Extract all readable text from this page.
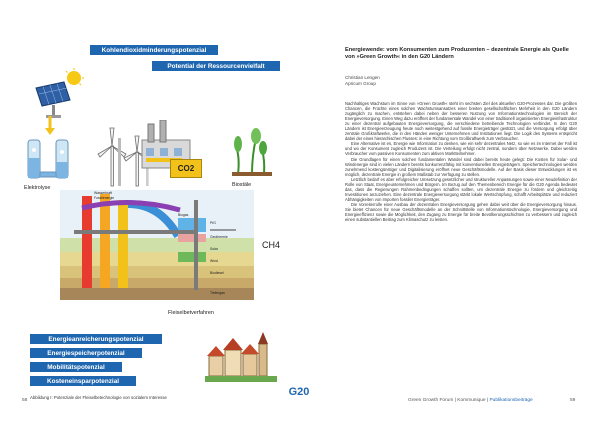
Kohlendioxidminderungspotenzial
Potential der Ressourcenvielfalt
Elektrolyse
CO2
Biostäle
Wasserkraft
Fossilenergie
Biogas
PtG
Geothermie
Solar
Wind
Biodiesel
Tiefengas
CH4
Fleiselbetverfahren
Energieanreicherungspotenzial
Energiespeicherpotenzial
Mobilitätspotenzial
Kosteneinsparpotenzial
Abbildung I: Potenziale der Fleiselbetechnologie von sozialem Interesse
Energiewende: vom Konsumenten zum Produzenten – dezentrale Energie als Quelle von »Green Growth« in den G20 Ländern
Christian Lengen
Apricum Group

Nachhaltiges Wachstum im Sinne von »Green Growth« steht im sechsten Ziel des aktuellen G20-Prozesses dar. Die größten Chancen, die Früchte eines solchen Wachstumsansatzes einer breiten gesellschaftlichen Mehrheit in den G20 Ländern zugänglich zu machen, entstehen dabei neben der besseren Nutzung von Informationstechnologien im Bereich der Energieversorgung. Einen Weg dazu eröffnet der fundamentale Wandel von einer traditionell organisierten Energieinfrastruktur zu einer dezentral aufgebauten Energieversorgung, die verschiedene betreibende Technologien verbindet. In den G20 Ländern ist Energieerzeugung heute noch weitestgehend auf fossile Energieträger gestützt, und die Versorgung erfolgt über zentrale Großkraftwerke, die in den Händen weniger Unternehmen und Institutionen liegt. Die Logik des Systems entspricht dabei der eines hierarchischen Flusses: in eine Richtung vom Großkraftwerk zum Verbraucher.

Eine Alternative ist es, Energie wie Information zu denken, wie ein sehr dezentrales Netz, so wie es im Internet der Fall ist und wo der Konsument zugleich Produzent ist. Die Verteilung erfolgt nicht zentral, sondern über Netzwerke. Dabei werden Verbraucher vom passiven Konsumenten zum aktiven Marktteilnehmer.

Die Grundlagen für einen solchen fundamentalen Wandel sind dabei bereits heute gelegt: Die Kosten für Solar- und Windenergie sind in vielen Ländern bereits konkurrenzfähig mit konventionellen Energieträgern. Speichertechnologien werden zunehmend kostengünstiger und Digitalisierung eröffnet neue Geschäftsmodelle. Auf der Basis dieser Entwicklungen ist es möglich, dezentrale Energie in großem Maßstab zur Verfügung zu stellen.

Letztlich bedarf es aber erfolgreicher Umsetzung gesetzlicher und struktureller Anpassungen sowie einer Neudefinition der Rolle von Staat, Energieunternehmen und Bürgern. Im Bezug auf den Themenbereich Energie für die G20 Agenda bedeutet das, dass die Regierungen Rahmenbedingungen schaffen sollten, um dezentrale Energie zu fördern und gleichzeitig Investitionen anzuziehen. Eine dezentrale Energieversorgung stärkt lokale Wertschöpfung, schafft Arbeitsplätze und reduziert Abhängigkeiten von Importen fossiler Energieträger.

Die Vorreiterrolle einer Ausbau der dezentralen Energieversorgung gehen dabei weit über die Energieversorgung hinaus. Sie bietet Chancen für neue Geschäftsmodelle an der Schnittstelle von Informationstechnologie, Energieversorgung und Energieeffizienz sowie die Möglichkeit, den Zugang zu Energie für breite Bevölkerungsschichten zu verbessern und zugleich einen substantiellen Beitrag zum Klimaschutz zu leisten.

58	59
G20
Green Growth Forum | Kommunique | Publikationsbeiträge
